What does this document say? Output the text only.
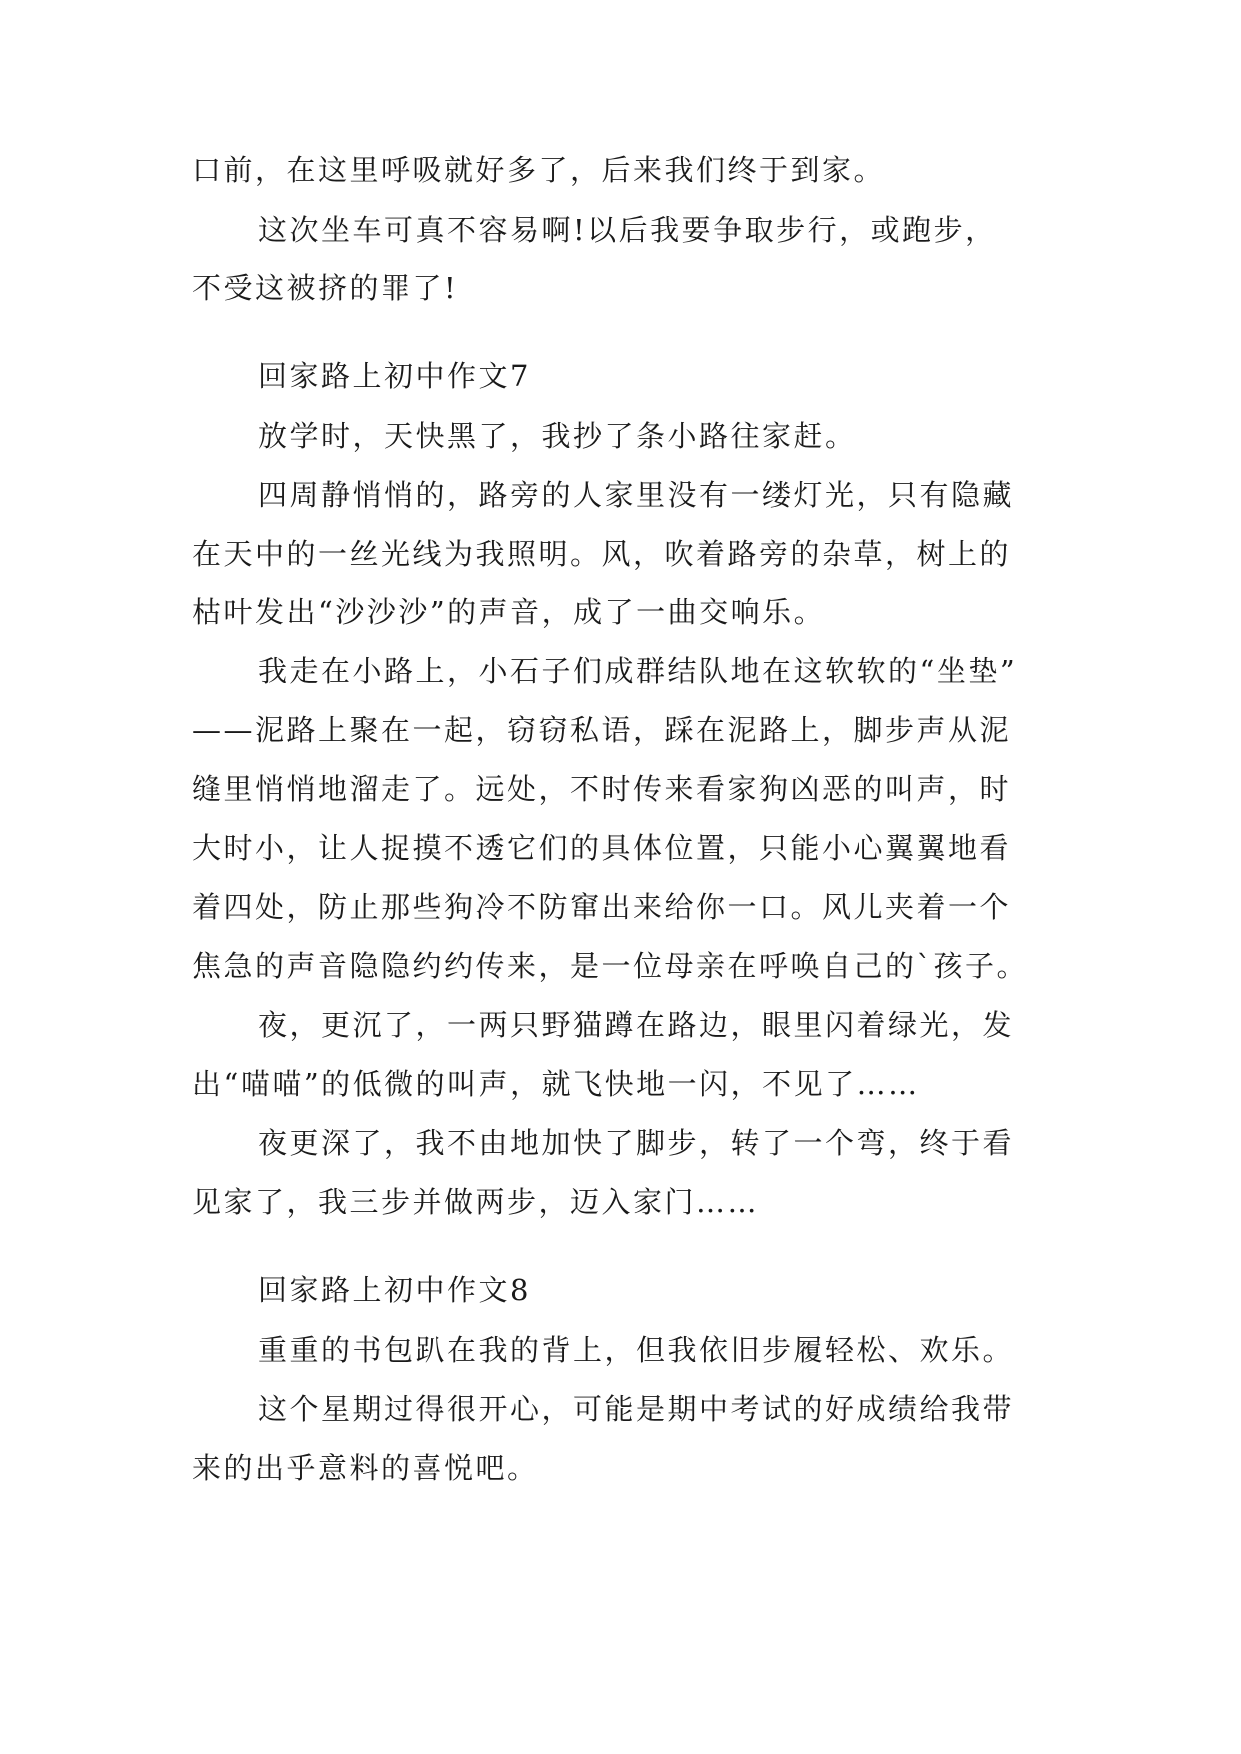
口前，在这里呼吸就好多了，后来我们终于到家。
这次坐车可真不容易啊!以后我要争取步行，或跑步，
不受这被挤的罪了!
回家路上初中作文7
放学时，天快黑了，我抄了条小路往家赶。
四周静悄悄的，路旁的人家里没有一缕灯光，只有隐藏
在天中的一丝光线为我照明。风，吹着路旁的杂草，树上的
枯叶发出“沙沙沙”的声音，成了一曲交响乐。
我走在小路上，小石子们成群结队地在这软软的“坐垫”
——泥路上聚在一起，窃窃私语，踩在泥路上，脚步声从泥
缝里悄悄地溜走了。远处，不时传来看家狗凶恶的叫声，时
大时小，让人捉摸不透它们的具体位置，只能小心翼翼地看
着四处，防止那些狗冷不防窜出来给你一口。风儿夹着一个
焦急的声音隐隐约约传来，是一位母亲在呼唤自己的`孩子。
夜，更沉了，一两只野猫蹲在路边，眼里闪着绿光，发
出“喵喵”的低微的叫声，就飞快地一闪，不见了……
夜更深了，我不由地加快了脚步，转了一个弯，终于看
见家了，我三步并做两步，迈入家门……
回家路上初中作文8
重重的书包趴在我的背上，但我依旧步履轻松、欢乐。
这个星期过得很开心，可能是期中考试的好成绩给我带
来的出乎意料的喜悦吧。
